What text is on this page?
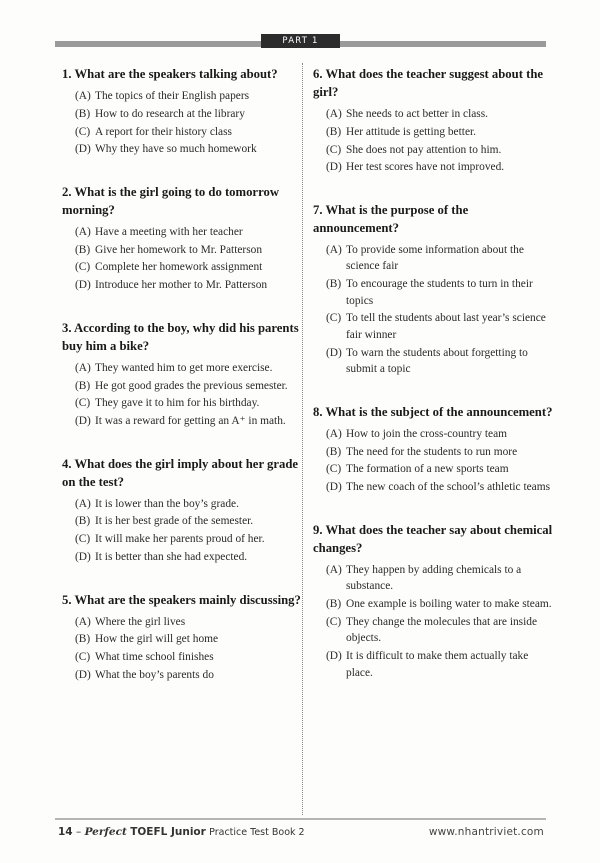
PART 1

1. What are the speakers talking about?

(A) The topics of their English papers
(B) How to do research at the library
(C) A report for their history class
(D) Why they have so much homework

2. What is the girl going to do tomorrow morning?

(A) Have a meeting with her teacher
(B) Give her homework to Mr. Patterson
(C) Complete her homework assignment
(D) Introduce her mother to Mr. Patterson

3. According to the boy, why did his parents buy him a bike?

(A) They wanted him to get more exercise.
(B) He got good grades the previous semester.
(C) They gave it to him for his birthday.
(D) It was a reward for getting an A⁺ in math.

4. What does the girl imply about her grade on the test?

(A) It is lower than the boy’s grade.
(B) It is her best grade of the semester.
(C) It will make her parents proud of her.
(D) It is better than she had expected.

5. What are the speakers mainly discussing?

(A) Where the girl lives
(B) How the girl will get home
(C) What time school finishes
(D) What the boy’s parents do

6. What does the teacher suggest about the girl?

(A) She needs to act better in class.
(B) Her attitude is getting better.
(C) She does not pay attention to him.
(D) Her test scores have not improved.

7. What is the purpose of the announcement?

(A) To provide some information about the science fair
(B) To encourage the students to turn in their topics
(C) To tell the students about last year’s science fair winner
(D) To warn the students about forgetting to submit a topic

8. What is the subject of the announcement?

(A) How to join the cross-country team
(B) The need for the students to run more
(C) The formation of a new sports team
(D) The new coach of the school’s athletic teams

9. What does the teacher say about chemical changes?

(A) They happen by adding chemicals to a substance.
(B) One example is boiling water to make steam.
(C) They change the molecules that are inside objects.
(D) It is difficult to make them actually take place.
14 – Perfect TOEFL Junior Practice Test Book 2	www.nhantriviet.com
